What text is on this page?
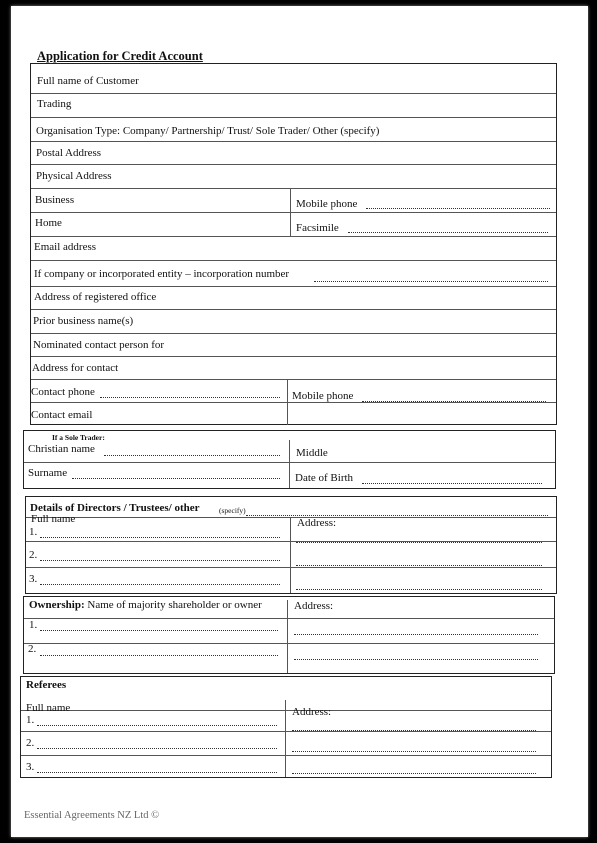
Application for Credit Account
Full name of Customer
Trading
Organisation Type: Company/ Partnership/ Trust/ Sole Trader/ Other (specify)
Postal Address
Physical Address
Business	Mobile phone
Home	Facsimile
Email address
If company or incorporated entity – incorporation number
Address of registered office
Prior business name(s)
Nominated contact person for
Address for contact
Contact phone	Mobile phone
Contact email
If a Sole Trader:
Christian name	Middle
Surname	Date of Birth
Details of Directors / Trustees/ other	(specify)
Full name	Address:
1.
2.
3.
Ownership: Name of majority shareholder or owner	Address:
1.
2.
Referees
Full name	Address:
1.
2.
3.
Essential Agreements NZ Ltd ©
